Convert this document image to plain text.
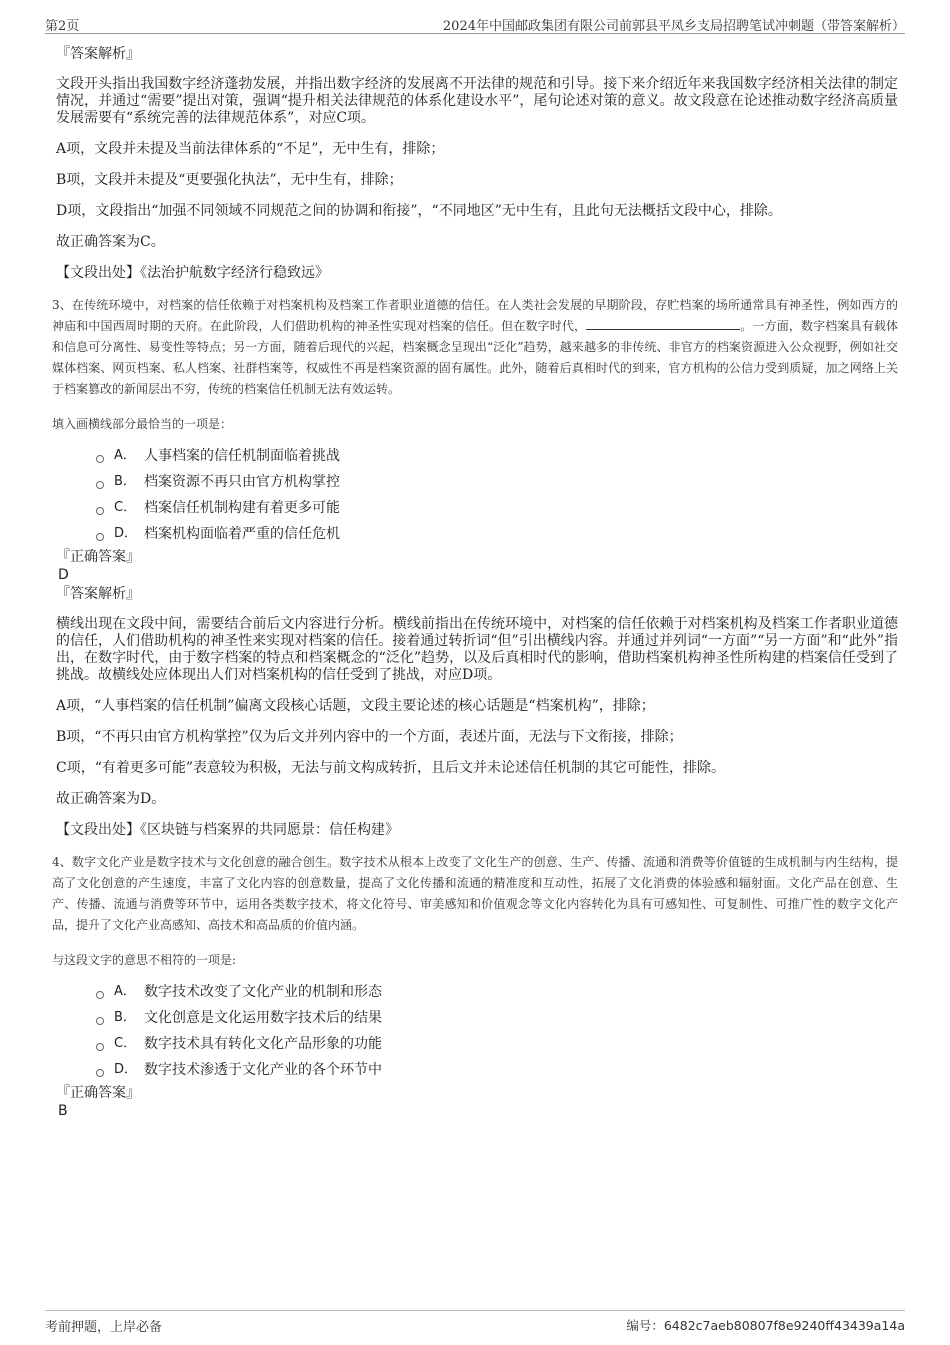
第2页	2024年中国邮政集团有限公司前郭县平凤乡支局招聘笔试冲刺题（带答案解析）

『答案解析』

文段开头指出我国数字经济蓬勃发展，并指出数字经济的发展离不开法律的规范和引导。接下来介绍近年来我国数字经济相关法律的制定情况，并通过“需要”提出对策，强调“提升相关法律规范的体系化建设水平”，尾句论述对策的意义。故文段意在论述推动数字经济高质量发展需要有“系统完善的法律规范体系”，对应C项。

A项，文段并未提及当前法律体系的“不足”，无中生有，排除；

B项，文段并未提及“更要强化执法”，无中生有，排除；

D项，文段指出“加强不同领域不同规范之间的协调和衔接”，“不同地区”无中生有，且此句无法概括文段中心，排除。

故正确答案为C。

【文段出处】《法治护航数字经济行稳致远》

3、在传统环境中，对档案的信任依赖于对档案机构及档案工作者职业道德的信任。在人类社会发展的早期阶段，存贮档案的场所通常具有神圣性，例如西方的神庙和中国西周时期的天府。在此阶段，人们借助机构的神圣性实现对档案的信任。但在数字时代，	。一方面，数字档案具有载体和信息可分离性、易变性等特点；另一方面，随着后现代的兴起，档案概念呈现出“泛化”趋势，越来越多的非传统、非官方的档案资源进入公众视野，例如社交媒体档案、网页档案、私人档案、社群档案等，权威性不再是档案资源的固有属性。此外，随着后真相时代的到来，官方机构的公信力受到质疑，加之网络上关于档案篡改的新闻层出不穷，传统的档案信任机制无法有效运转。

填入画横线部分最恰当的一项是：

A． 人事档案的信任机制面临着挑战
B． 档案资源不再只由官方机构掌控
C． 档案信任机制构建有着更多可能
D． 档案机构面临着严重的信任危机

『正确答案』

D

『答案解析』

横线出现在文段中间，需要结合前后文内容进行分析。横线前指出在传统环境中，对档案的信任依赖于对档案机构及档案工作者职业道德的信任，人们借助机构的神圣性来实现对档案的信任。接着通过转折词“但”引出横线内容。并通过并列词“一方面”“另一方面”和“此外”指出，在数字时代，由于数字档案的特点和档案概念的“泛化”趋势，以及后真相时代的影响，借助档案机构神圣性所构建的档案信任受到了挑战。故横线处应体现出人们对档案机构的信任受到了挑战，对应D项。

A项，“人事档案的信任机制”偏离文段核心话题，文段主要论述的核心话题是“档案机构”，排除；

B项，“不再只由官方机构掌控”仅为后文并列内容中的一个方面，表述片面，无法与下文衔接，排除；

C项，“有着更多可能”表意较为积极，无法与前文构成转折，且后文并未论述信任机制的其它可能性，排除。

故正确答案为D。

【文段出处】《区块链与档案界的共同愿景：信任构建》

4、数字文化产业是数字技术与文化创意的融合创生。数字技术从根本上改变了文化生产的创意、生产、传播、流通和消费等价值链的生成机制与内生结构，提高了文化创意的产生速度，丰富了文化内容的创意数量，提高了文化传播和流通的精准度和互动性，拓展了文化消费的体验感和辐射面。文化产品在创意、生产、传播、流通与消费等环节中，运用各类数字技术，将文化符号、审美感知和价值观念等文化内容转化为具有可感知性、可复制性、可推广性的数字文化产品，提升了文化产业高感知、高技术和高品质的价值内涵。

与这段文字的意思不相符的一项是:

A． 数字技术改变了文化产业的机制和形态
B． 文化创意是文化运用数字技术后的结果
C． 数字技术具有转化文化产品形象的功能
D． 数字技术渗透于文化产业的各个环节中

『正确答案』

B

考前押题，上岸必备	编号：6482c7aeb80807f8e9240ff43439a14a
